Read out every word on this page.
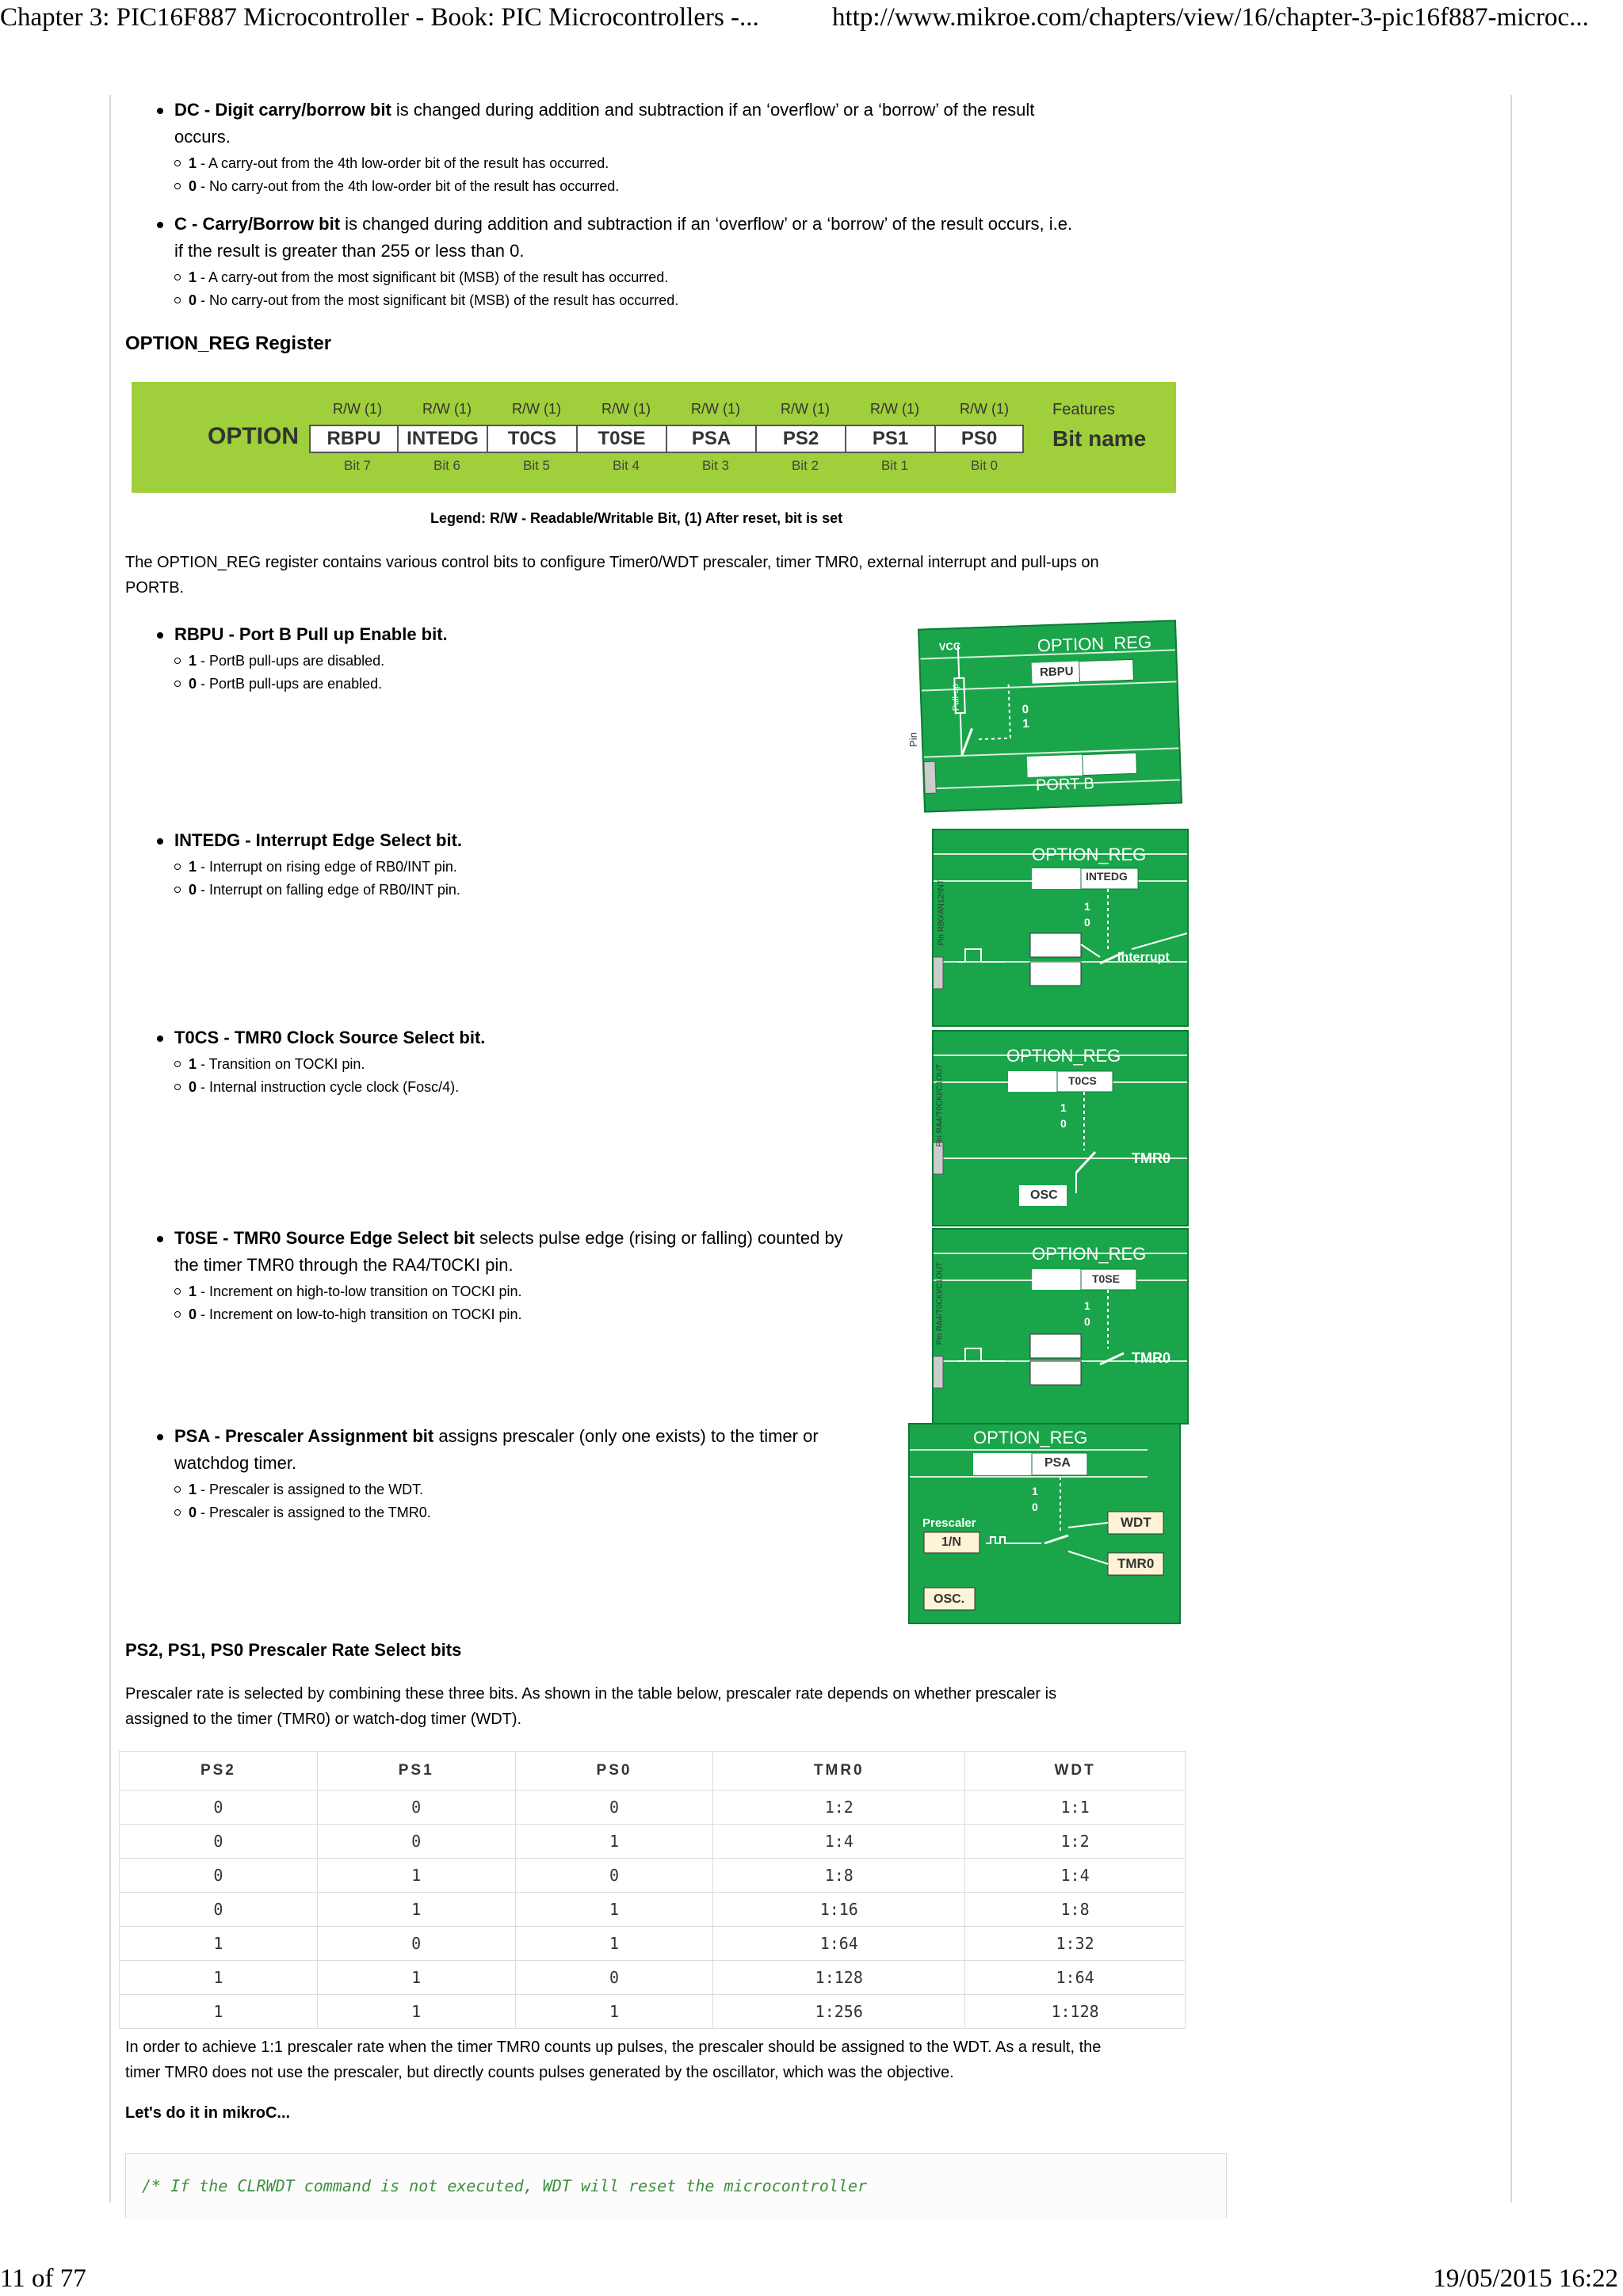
Chapter 3: PIC16F887 Microcontroller - Book: PIC Microcontrollers -...	http://www.mikroe.com/chapters/view/16/chapter-3-pic16f887-microc...
11 of 77	19/05/2015 16:22
DC - Digit carry/borrow bit is changed during addition and subtraction if an ‘overflow’ or a ‘borrow’ of the result
occurs.
1 - A carry-out from the 4th low-order bit of the result has occurred.
0 - No carry-out from the 4th low-order bit of the result has occurred.
C - Carry/Borrow bit is changed during addition and subtraction if an ‘overflow’ or a ‘borrow’ of the result occurs, i.e.
if the result is greater than 255 or less than 0.
1 - A carry-out from the most significant bit (MSB) of the result has occurred.
0 - No carry-out from the most significant bit (MSB) of the result has occurred.
OPTION_REG Register
OPTION
R/W (1)	R/W (1)	R/W (1)	R/W (1)	R/W (1)	R/W (1)	R/W (1)	R/W (1)
RBPU	INTEDG	T0CS	T0SE	PSA	PS2	PS1	PS0
Bit 7	Bit 6	Bit 5	Bit 4	Bit 3	Bit 2	Bit 1	Bit 0
Features
Bit name
Legend: R/W - Readable/Writable Bit, (1) After reset, bit is set
The OPTION_REG register contains various control bits to configure Timer0/WDT prescaler, timer TMR0, external interrupt and pull-ups on
PORTB.
RBPU - Port B Pull up Enable bit.
1 - PortB pull-ups are disabled.
0 - PortB pull-ups are enabled.
VCC	OPTION_REG
RBPU
0
1
PORT B
Pin
Pull-up
INTEDG - Interrupt Edge Select bit.
1 - Interrupt on rising edge of RB0/INT pin.
0 - Interrupt on falling edge of RB0/INT pin.
OPTION_REG
INTEDG
1
0
Interrupt
Pin RB0/AN12/INT
T0CS - TMR0 Clock Source Select bit.
1 - Transition on TOCKI pin.
0 - Internal instruction cycle clock (Fosc/4).
OPTION_REG
T0CS
1
0
TMR0
OSC
Pin RA4/T0CKI/C1OUT
T0SE - TMR0 Source Edge Select bit selects pulse edge (rising or falling) counted by
the timer TMR0 through the RA4/T0CKI pin.
1 - Increment on high-to-low transition on TOCKI pin.
0 - Increment on low-to-high transition on TOCKI pin.
OPTION_REG
T0SE
1
0
TMR0
Pin RA4/T0CKI/C1OUT
PSA - Prescaler Assignment bit assigns prescaler (only one exists) to the timer or
watchdog timer.
1 - Prescaler is assigned to the WDT.
0 - Prescaler is assigned to the TMR0.
OPTION_REG
PSA
1
0
Prescaler
1/N
OSC.
WDT
TMR0
PS2, PS1, PS0 Prescaler Rate Select bits
Prescaler rate is selected by combining these three bits. As shown in the table below, prescaler rate depends on whether prescaler is
assigned to the timer (TMR0) or watch-dog timer (WDT).
PS2	PS1	PS0	TMR0	WDT
0	0	0	1:2	1:1
0	0	1	1:4	1:2
0	1	0	1:8	1:4
0	1	1	1:16	1:8
1	0	1	1:64	1:32
1	1	0	1:128	1:64
1	1	1	1:256	1:128
In order to achieve 1:1 prescaler rate when the timer TMR0 counts up pulses, the prescaler should be assigned to the WDT. As a result, the
timer TMR0 does not use the prescaler, but directly counts pulses generated by the oscillator, which was the objective.
Let's do it in mikroC...
/* If the CLRWDT command is not executed, WDT will reset the microcontroller
